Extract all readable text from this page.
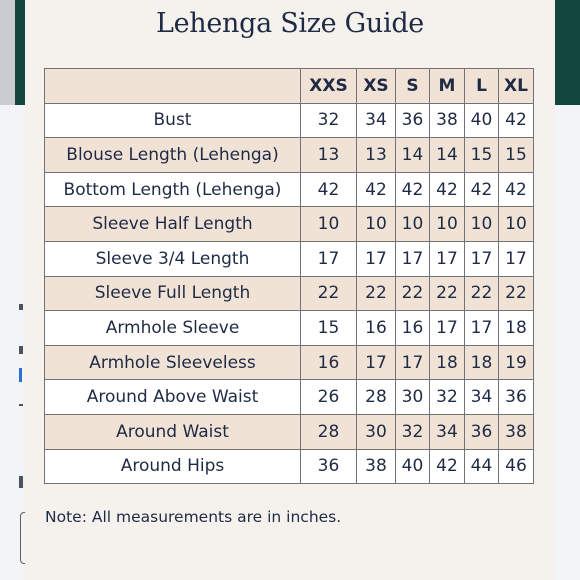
Lehenga Size Guide
	XXS	XS	S	M	L	XL
Bust	32	34	36	38	40	42
Blouse Length (Lehenga)	13	13	14	14	15	15
Bottom Length (Lehenga)	42	42	42	42	42	42
Sleeve Half Length	10	10	10	10	10	10
Sleeve 3/4 Length	17	17	17	17	17	17
Sleeve Full Length	22	22	22	22	22	22
Armhole Sleeve	15	16	16	17	17	18
Armhole Sleeveless	16	17	17	18	18	19
Around Above Waist	26	28	30	32	34	36
Around Waist	28	30	32	34	36	38
Around Hips	36	38	40	42	44	46
Note: All measurements are in inches.
